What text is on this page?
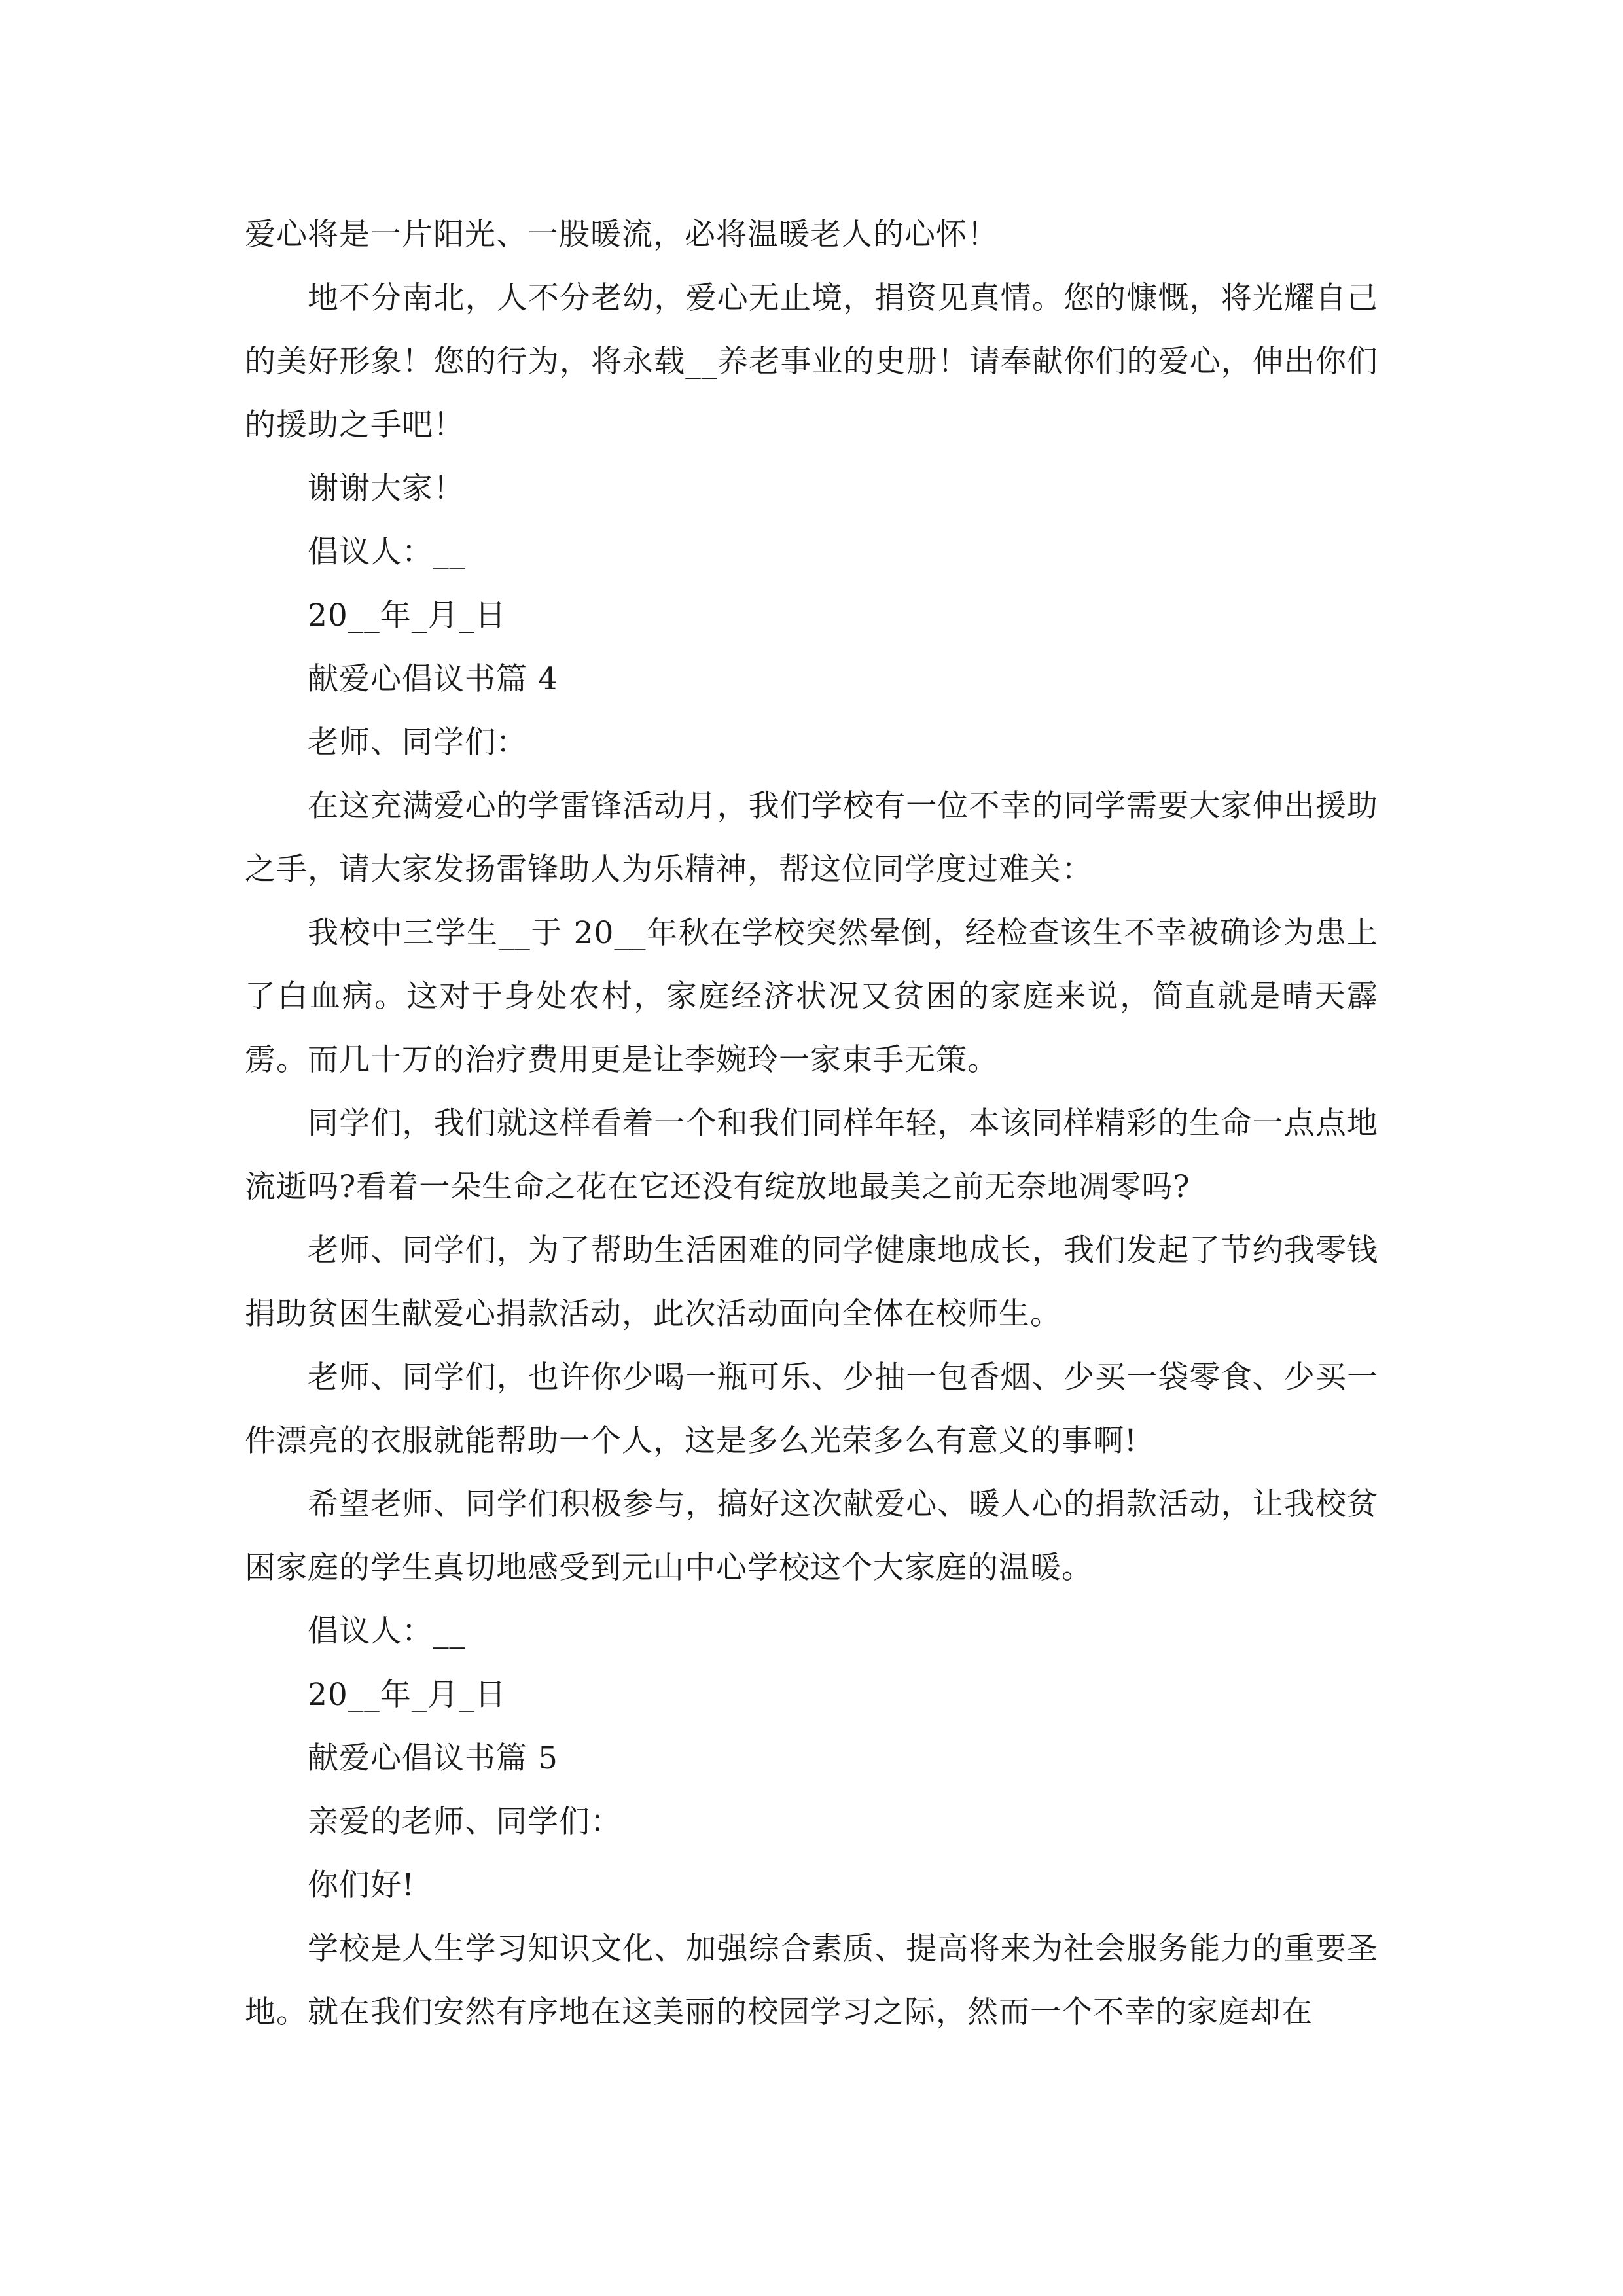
爱心将是一片阳光、一股暖流，必将温暖老人的心怀！

地不分南北，人不分老幼，爱心无止境，捐资见真情。您的慷慨，将光耀自己的美好形象！您的行为，将永载__养老事业的史册！请奉献你们的爱心，伸出你们的援助之手吧！

谢谢大家！

倡议人：__

20__年_月_日

献爱心倡议书篇 4

老师、同学们：

在这充满爱心的学雷锋活动月，我们学校有一位不幸的同学需要大家伸出援助之手，请大家发扬雷锋助人为乐精神，帮这位同学度过难关：

我校中三学生__于 20__年秋在学校突然晕倒，经检查该生不幸被确诊为患上了白血病。这对于身处农村，家庭经济状况又贫困的家庭来说，简直就是晴天霹雳。而几十万的治疗费用更是让李婉玲一家束手无策。

同学们，我们就这样看着一个和我们同样年轻，本该同样精彩的生命一点点地流逝吗?看着一朵生命之花在它还没有绽放地最美之前无奈地凋零吗?

老师、同学们，为了帮助生活困难的同学健康地成长，我们发起了节约我零钱捐助贫困生献爱心捐款活动，此次活动面向全体在校师生。

老师、同学们，也许你少喝一瓶可乐、少抽一包香烟、少买一袋零食、少买一件漂亮的衣服就能帮助一个人，这是多么光荣多么有意义的事啊!

希望老师、同学们积极参与，搞好这次献爱心、暖人心的捐款活动，让我校贫困家庭的学生真切地感受到元山中心学校这个大家庭的温暖。

倡议人：__

20__年_月_日

献爱心倡议书篇 5

亲爱的老师、同学们：

你们好!

学校是人生学习知识文化、加强综合素质、提高将来为社会服务能力的重要圣地。就在我们安然有序地在这美丽的校园学习之际，然而一个不幸的家庭却在
